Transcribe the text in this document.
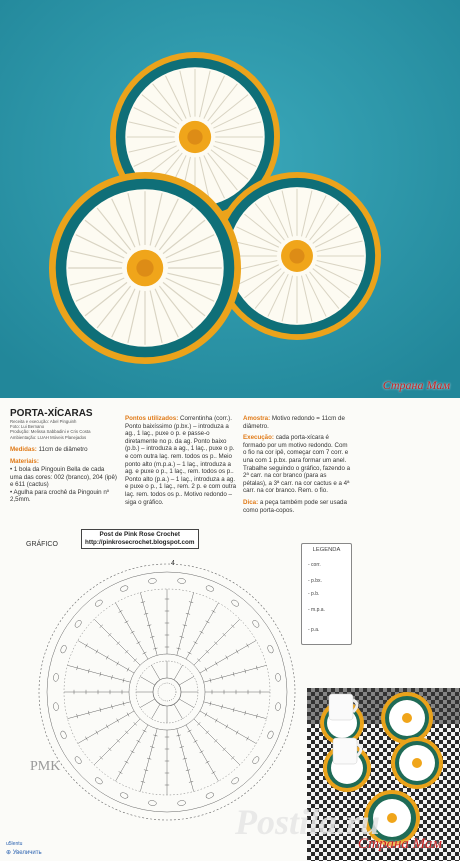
Страна Мам
PORTA-XÍCARAS
Receita e execução: Abel Pinguinh
Foto: Lui Bernano
Produção: Melissa Sabbadini e Cris Costa
Ambientação: LUAH Móveis Planejados
Medidas: 11cm de diâmetro
Materiais:
• 1 bola da Pingouin Bella de cada uma das cores: 002 (branco), 204 (ipê) e 611 (cactus)
• Agulha para crochê da Pingouin nº 2,5mm.
Pontos utilizados: Correntinha (corr.). Ponto baixíssimo (p.bx.) – introduza a ag., 1 laç., puxe o p. e passe-o diretamente no p. da ag. Ponto baixo (p.b.) – introduza a ag., 1 laç., puxe o p. e com outra laç. rem. todos os p.. Meio ponto alto (m.p.a.) – 1 laç., introduza a ag. e puxe o p., 1 laç., rem. todos os p.. Ponto alto (p.a.) – 1 laç., introduza a ag. e puxe o p., 1 laç., rem. 2 p. e com outra laç. rem. todos os p.. Motivo redondo – siga o gráfico.
Amostra: Motivo redondo = 11cm de diâmetro.
Execução: cada porta-xícara é formado por um motivo redondo. Com o fio na cor ipê, começar com 7 corr. e una com 1 p.bx. para formar um anel. Trabalhe seguindo o gráfico, fazendo a 2ª carr. na cor branco (para as pétalas), a 3ª carr. na cor cactus e a 4ª carr. na cor branco. Rem. o fio.
Dica: a peça também pode ser usada como porta-copos.
GRÁFICO
Post de Pink Rose Crochet
http://pinkrosecrochet.blogspot.com
4
LEGENDA
- corr.
- p.bx.
- p.b.
- m.p.a.
- p.a.
PMK
u5lentu
⊕ Увеличить
Postila.ru
Страна Мам
